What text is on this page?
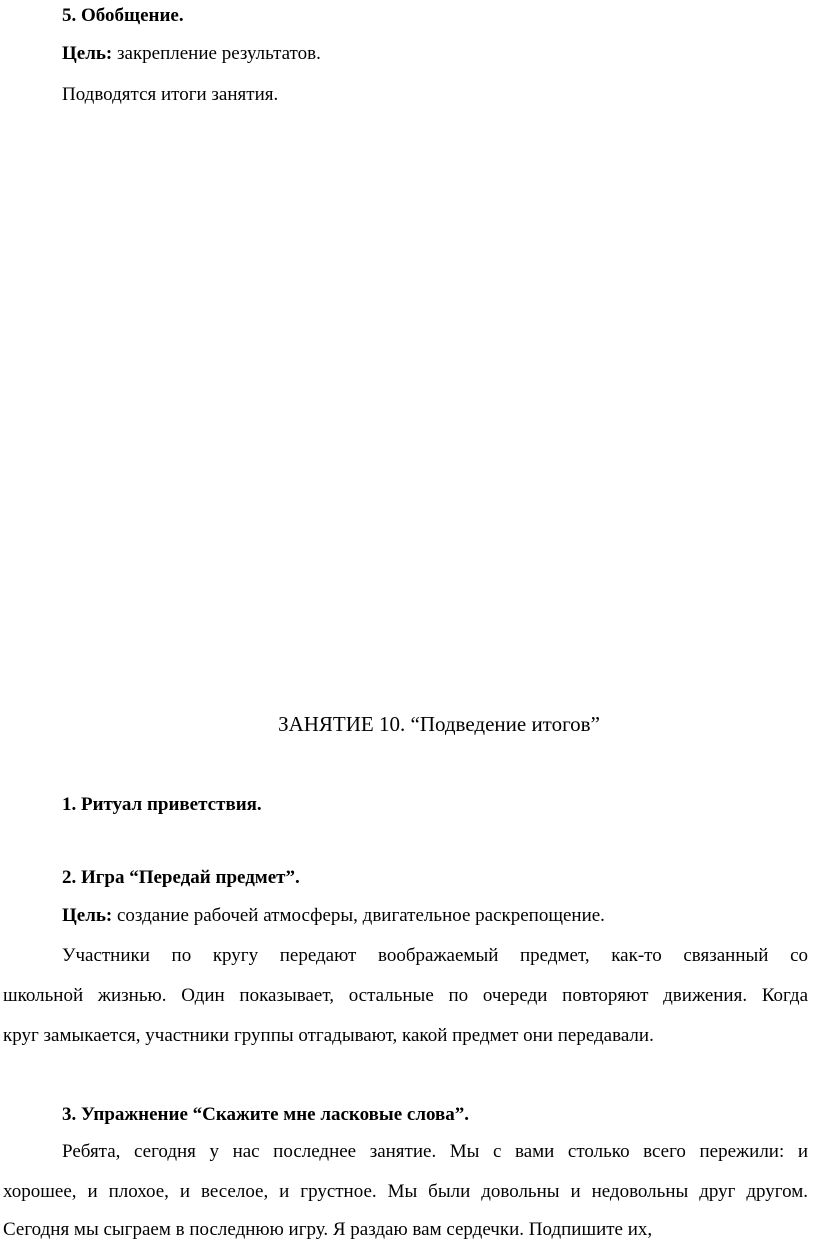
5. Обобщение.
Цель: закрепление результатов.
Подводятся итоги занятия.
ЗАНЯТИЕ 10. “Подведение итогов”
1. Ритуал приветствия.
2. Игра “Передай предмет”.
Цель: создание рабочей атмосферы, двигательное раскрепощение.
Участники по кругу передают воображаемый предмет, как-то связанный со
школьной жизнью. Один показывает, остальные по очереди повторяют движения. Когда
круг замыкается, участники группы отгадывают, какой предмет они передавали.
3. Упражнение “Скажите мне ласковые слова”.
Ребята, сегодня у нас последнее занятие. Мы с вами столько всего пережили: и
хорошее, и плохое, и веселое, и грустное. Мы были довольны и недовольны друг другом.
Сегодня мы сыграем в последнюю игру. Я раздаю вам сердечки. Подпишите их,
